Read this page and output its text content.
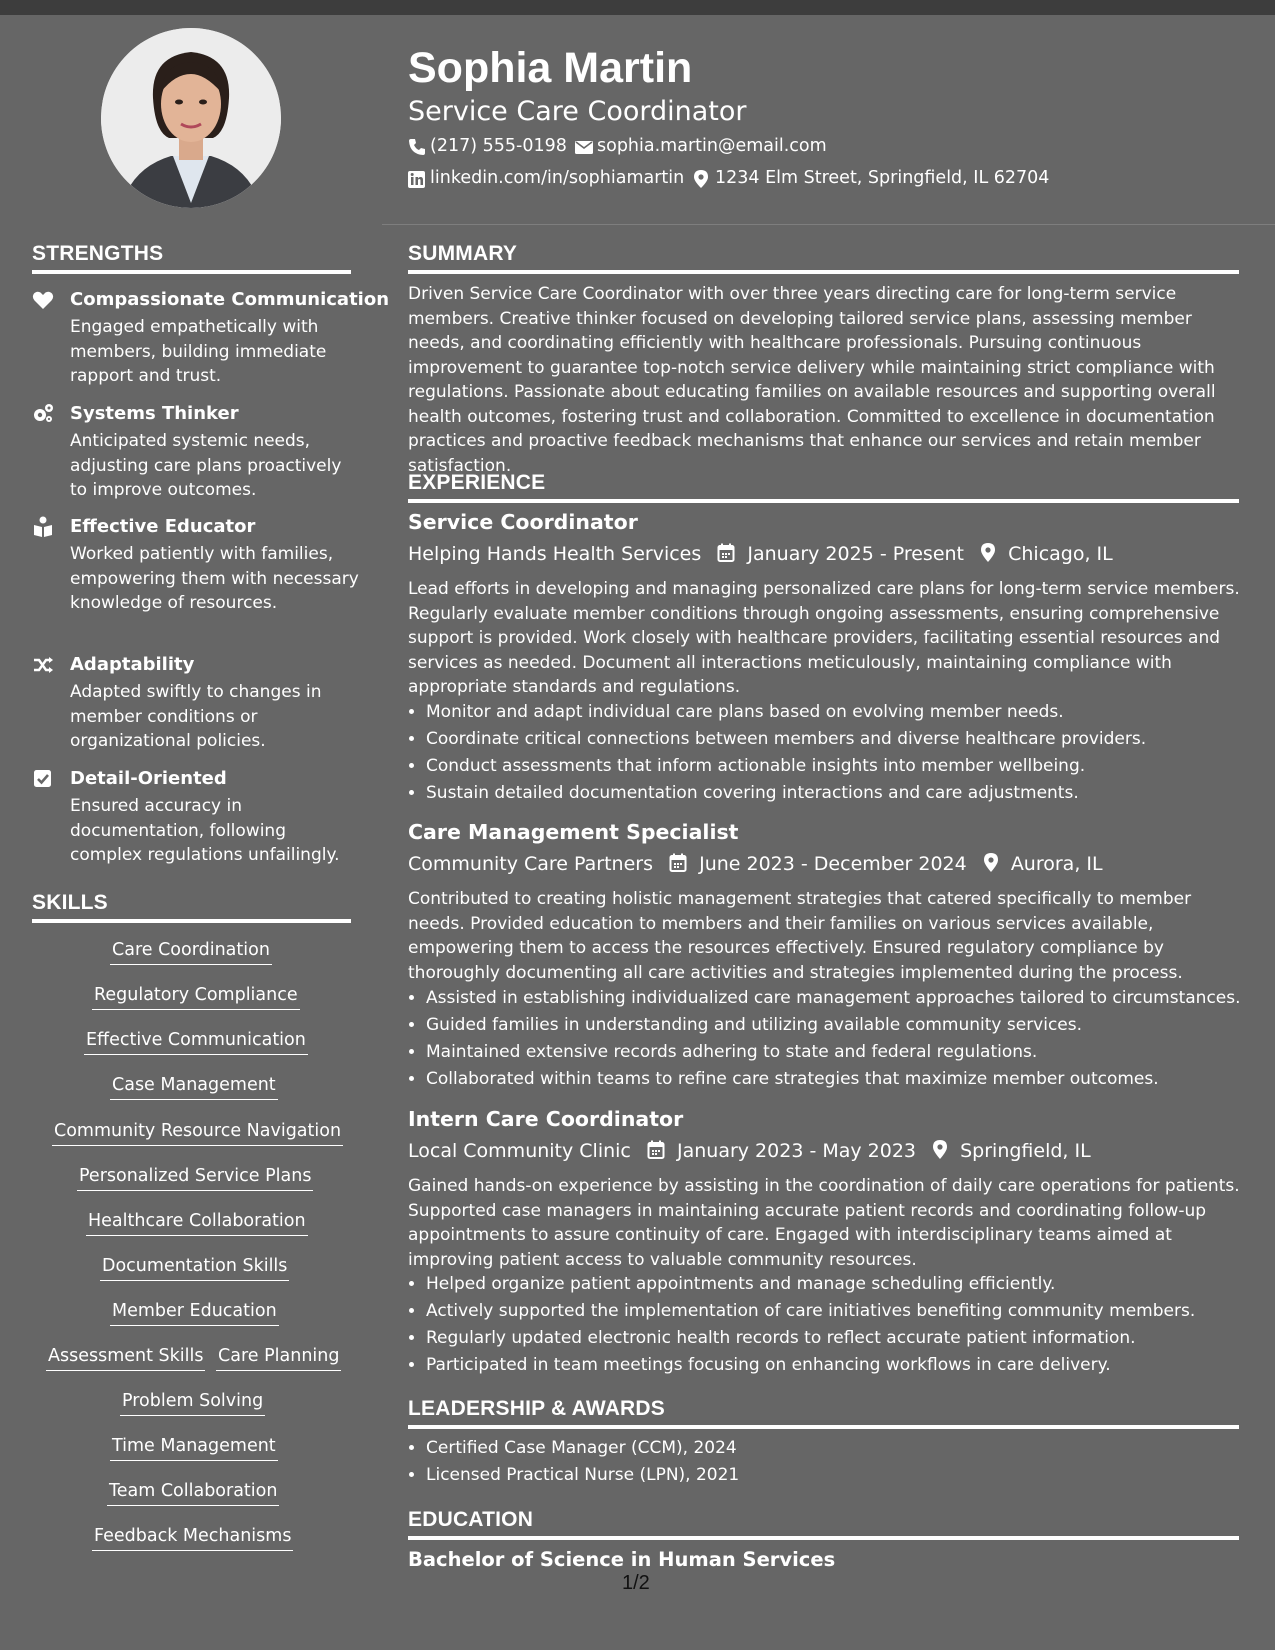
Sophia Martin
Service Care Coordinator
(217) 555-0198 sophia.martin@email.com
linkedin.com/in/sophiamartin 1234 Elm Street, Springfield, IL 62704
STRENGTHS
Compassionate Communication
Engaged empathetically with members, building immediate rapport and trust.
Systems Thinker
Anticipated systemic needs, adjusting care plans proactively to improve outcomes.
Effective Educator
Worked patiently with families, empowering them with necessary knowledge of resources.
Adaptability
Adapted swiftly to changes in member conditions or organizational policies.
Detail-Oriented
Ensured accuracy in documentation, following complex regulations unfailingly.
SKILLS
Care Coordination
Regulatory Compliance
Effective Communication
Case Management
Community Resource Navigation
Personalized Service Plans
Healthcare Collaboration
Documentation Skills
Member Education
Assessment Skills Care Planning
Problem Solving
Time Management
Team Collaboration
Feedback Mechanisms
SUMMARY
Driven Service Care Coordinator with over three years directing care for long-term service members. Creative thinker focused on developing tailored service plans, assessing member needs, and coordinating efficiently with healthcare professionals. Pursuing continuous improvement to guarantee top-notch service delivery while maintaining strict compliance with regulations. Passionate about educating families on available resources and supporting overall health outcomes, fostering trust and collaboration. Committed to excellence in documentation practices and proactive feedback mechanisms that enhance our services and retain member satisfaction.
EXPERIENCE
Service Coordinator
Helping Hands Health Services January 2025 - Present Chicago, IL
Lead efforts in developing and managing personalized care plans for long-term service members. Regularly evaluate member conditions through ongoing assessments, ensuring comprehensive support is provided. Work closely with healthcare providers, facilitating essential resources and services as needed. Document all interactions meticulously, maintaining compliance with appropriate standards and regulations.
• Monitor and adapt individual care plans based on evolving member needs.
• Coordinate critical connections between members and diverse healthcare providers.
• Conduct assessments that inform actionable insights into member wellbeing.
• Sustain detailed documentation covering interactions and care adjustments.
Care Management Specialist
Community Care Partners June 2023 - December 2024 Aurora, IL
Contributed to creating holistic management strategies that catered specifically to member needs. Provided education to members and their families on various services available, empowering them to access the resources effectively. Ensured regulatory compliance by thoroughly documenting all care activities and strategies implemented during the process.
• Assisted in establishing individualized care management approaches tailored to circumstances.
• Guided families in understanding and utilizing available community services.
• Maintained extensive records adhering to state and federal regulations.
• Collaborated within teams to refine care strategies that maximize member outcomes.
Intern Care Coordinator
Local Community Clinic January 2023 - May 2023 Springfield, IL
Gained hands-on experience by assisting in the coordination of daily care operations for patients. Supported case managers in maintaining accurate patient records and coordinating follow-up appointments to assure continuity of care. Engaged with interdisciplinary teams aimed at improving patient access to valuable community resources.
• Helped organize patient appointments and manage scheduling efficiently.
• Actively supported the implementation of care initiatives benefiting community members.
• Regularly updated electronic health records to reflect accurate patient information.
• Participated in team meetings focusing on enhancing workflows in care delivery.
LEADERSHIP & AWARDS
• Certified Case Manager (CCM), 2024
• Licensed Practical Nurse (LPN), 2021
EDUCATION
Bachelor of Science in Human Services
1/2
